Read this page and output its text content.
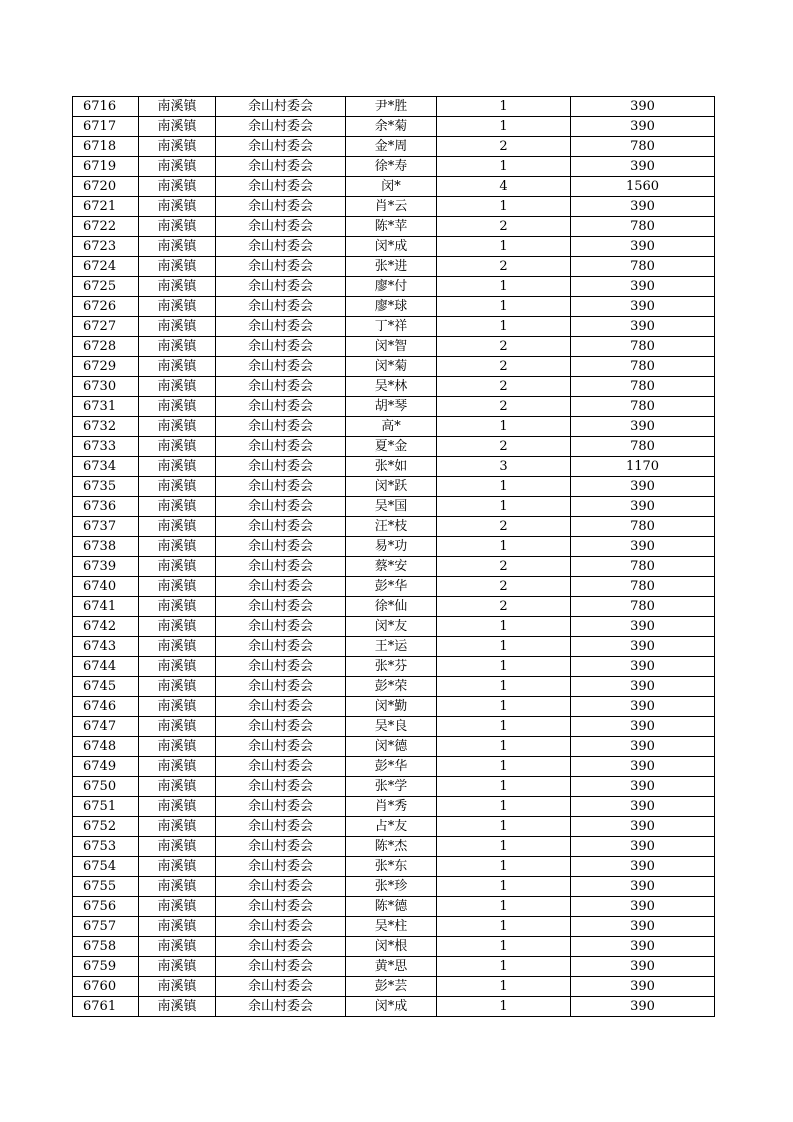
6716	南溪镇	余山村委会	尹*胜	1	390
6717	南溪镇	余山村委会	余*菊	1	390
6718	南溪镇	余山村委会	金*周	2	780
6719	南溪镇	余山村委会	徐*寿	1	390
6720	南溪镇	余山村委会	闵*	4	1560
6721	南溪镇	余山村委会	肖*云	1	390
6722	南溪镇	余山村委会	陈*苹	2	780
6723	南溪镇	余山村委会	闵*成	1	390
6724	南溪镇	余山村委会	张*进	2	780
6725	南溪镇	余山村委会	廖*付	1	390
6726	南溪镇	余山村委会	廖*球	1	390
6727	南溪镇	余山村委会	丁*祥	1	390
6728	南溪镇	余山村委会	闵*智	2	780
6729	南溪镇	余山村委会	闵*菊	2	780
6730	南溪镇	余山村委会	吴*林	2	780
6731	南溪镇	余山村委会	胡*琴	2	780
6732	南溪镇	余山村委会	高*	1	390
6733	南溪镇	余山村委会	夏*金	2	780
6734	南溪镇	余山村委会	张*如	3	1170
6735	南溪镇	余山村委会	闵*跃	1	390
6736	南溪镇	余山村委会	吴*国	1	390
6737	南溪镇	余山村委会	汪*枝	2	780
6738	南溪镇	余山村委会	易*功	1	390
6739	南溪镇	余山村委会	蔡*安	2	780
6740	南溪镇	余山村委会	彭*华	2	780
6741	南溪镇	余山村委会	徐*仙	2	780
6742	南溪镇	余山村委会	闵*友	1	390
6743	南溪镇	余山村委会	王*运	1	390
6744	南溪镇	余山村委会	张*芬	1	390
6745	南溪镇	余山村委会	彭*荣	1	390
6746	南溪镇	余山村委会	闵*勤	1	390
6747	南溪镇	余山村委会	吴*良	1	390
6748	南溪镇	余山村委会	闵*德	1	390
6749	南溪镇	余山村委会	彭*华	1	390
6750	南溪镇	余山村委会	张*学	1	390
6751	南溪镇	余山村委会	肖*秀	1	390
6752	南溪镇	余山村委会	占*友	1	390
6753	南溪镇	余山村委会	陈*杰	1	390
6754	南溪镇	余山村委会	张*东	1	390
6755	南溪镇	余山村委会	张*珍	1	390
6756	南溪镇	余山村委会	陈*德	1	390
6757	南溪镇	余山村委会	吴*柱	1	390
6758	南溪镇	余山村委会	闵*根	1	390
6759	南溪镇	余山村委会	黄*思	1	390
6760	南溪镇	余山村委会	彭*芸	1	390
6761	南溪镇	余山村委会	闵*成	1	390
